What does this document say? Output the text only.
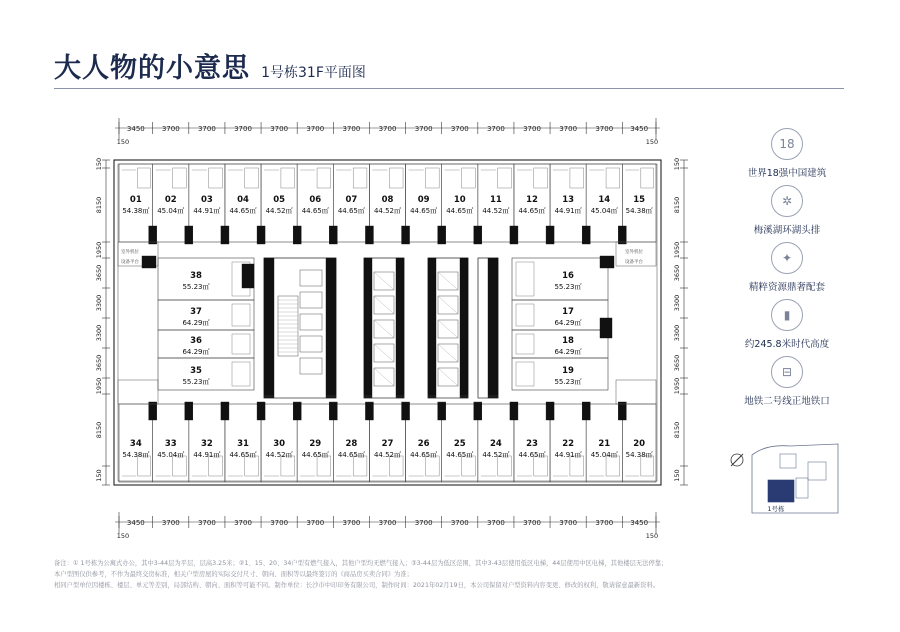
大人物的小意思 1号栋31F平面图
3450 3700	3700	3700	3700	3700	3700	3700	3700	3700	3700	3700	3700	3700 3450
150	150
3450 3700	3700	3700	3700	3700	3700	3700	3700	3700	3700	3700	3700	3700 3450
150	150
150
8150
1950
3650
3300
3300
3650
1950
8150
150
150
8150
1950
3650
3300
3300
3650
1950
8150
150
01
54.38㎡
02
45.04㎡
03
44.91㎡
04
44.65㎡
05
44.52㎡
06
44.65㎡
07
44.65㎡
08
44.52㎡
09
44.65㎡
10
44.65㎡
11
44.52㎡
12
44.65㎡
13
44.91㎡
14
45.04㎡
15
54.38㎡
34
54.38㎡
33
45.04㎡
32
44.91㎡
31
44.65㎡
30
44.52㎡
29
44.65㎡
28
44.65㎡
27
44.52㎡
26
44.65㎡
25
44.65㎡
24
44.52㎡
23
44.65㎡
22
44.91㎡
21
45.04㎡
20
54.38㎡
室外机位
设备平台
室外机位
设备平台
38
55.23㎡
37
64.29㎡
36
64.29㎡
35
55.23㎡
16
55.23㎡
17
64.29㎡
18
64.29㎡
19
55.23㎡
1号栋
18
世界18强中国建筑
✲
梅溪湖环湖头排
✦
精粹资源鼎奢配套
▮
约245.8米时代高度
⊟
地铁二号线正地铁口
备注：① 1号栋为公寓式办公，其中3-44层为平层，层高3.25米；②1、15、20、34户型有燃气接入，其他户型均无燃气接入；③3-44层为低区范围，其中3-43层使用低区电梯，44层使用中区电梯，其他楼层无法停靠；
本户型图仅供参考，不作为最终交房标准，相关户型房屋的实际交付尺寸、朝向、面积等以最终签订的《商品房买卖合同》为准；
相同户型单位因楼栋、楼层、单元等差别，局部结构、朝向、面积等可能不同。制作单位：长沙市中印印务有限公司，制作时间：2021年02月19日，本公司保留对户型资料内容变更、修改的权利，敬请留意最新资料。
